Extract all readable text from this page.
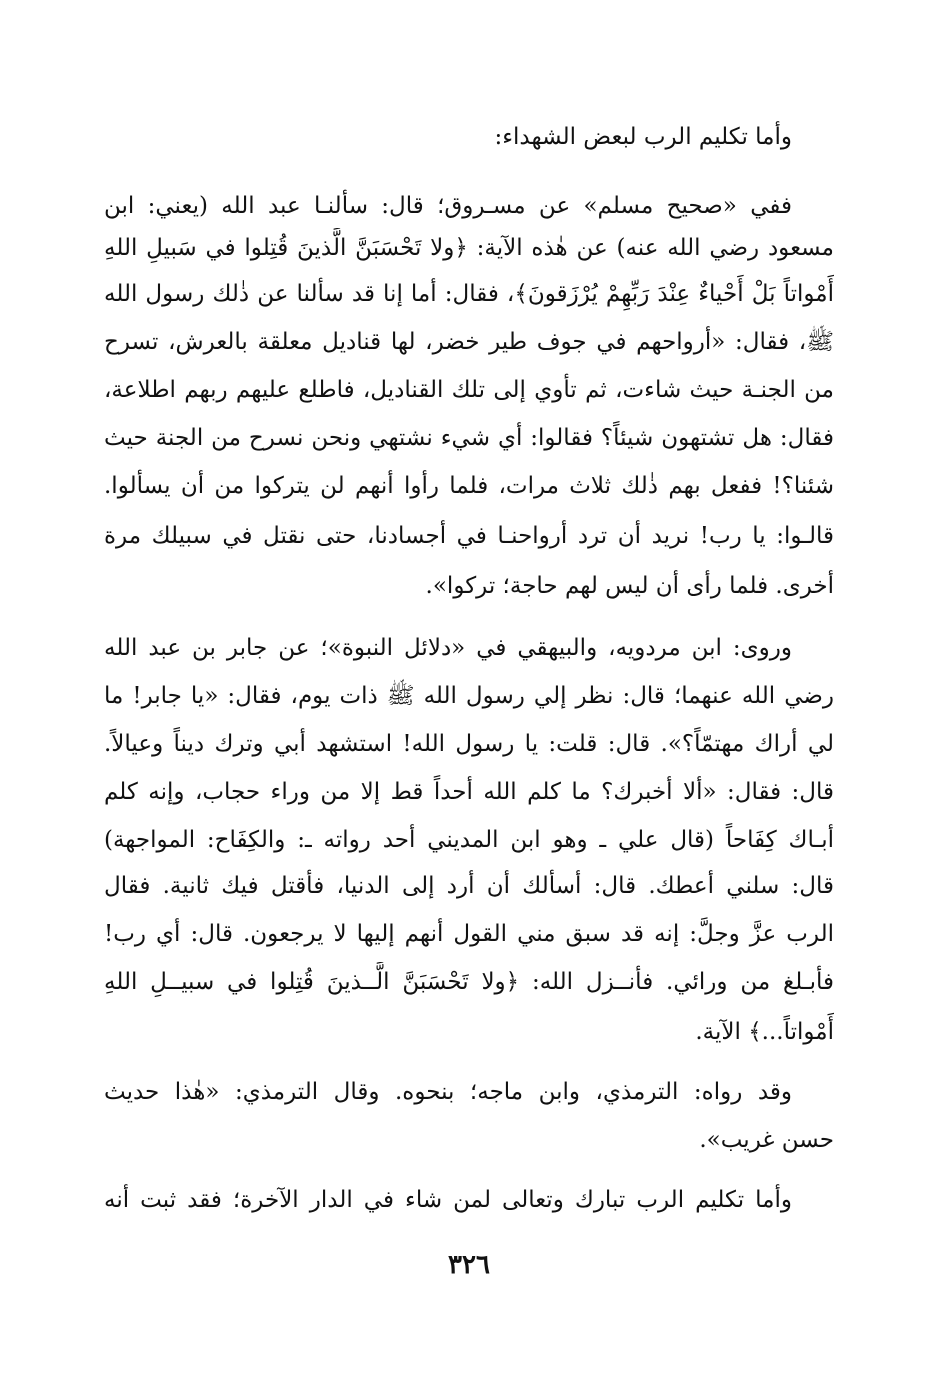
وأما تكليم الرب لبعض الشهداء:
ففي «صحيح مسلم» عن مسـروق؛ قال: سألنـا عبد الله (يعني: ابن
مسعود رضي الله عنه) عن هٰذه الآية: ﴿ولا تَحْسَبَنَّ الَّذينَ قُتِلوا في سَبيلِ اللهِ
أَمْواتاً بَلْ أَحْياءٌ عِنْدَ رَبِّهِمْ يُرْزَقونَ﴾، فقال: أما إنا قد سألنا عن ذٰلك رسول الله
ﷺ، فقال: «أرواحهم في جوف طير خضر، لها قناديل معلقة بالعرش، تسرح
من الجنـة حيث شاءت، ثم تأوي إلى تلك القناديل، فاطلع عليهم ربهم اطلاعة،
فقال: هل تشتهون شيئاً؟ فقالوا: أي شيء نشتهي ونحن نسرح من الجنة حيث
شئنا؟! ففعل بهم ذٰلك ثلاث مرات، فلما رأوا أنهم لن يتركوا من أن يسألوا.
قالـوا: يا رب! نريد أن ترد أرواحنـا في أجسادنا، حتى نقتل في سبيلك مرة
أخرى. فلما رأى أن ليس لهم حاجة؛ تركوا».
وروى: ابن مردويه، والبيهقي في «دلائل النبوة»؛ عن جابر بن عبد الله
رضي الله عنهما؛ قال: نظر إلي رسول الله ﷺ ذات يوم، فقال: «يا جابر! ما
لي أراك مهتمّاً؟». قال: قلت: يا رسول الله! استشهد أبي وترك ديناً وعيالاً.
قال: فقال: «ألا أخبرك؟ ما كلم الله أحداً قط إلا من وراء حجاب، وإنه كلم
أبـاك كِفَاحاً (قال علي ـ وهو ابن المديني أحد رواته ـ: والكِفَاح: المواجهة)
قال: سلني أعطك. قال: أسألك أن أرد إلى الدنيا، فأقتل فيك ثانية. فقال
الرب عزَّ وجلَّ: إنه قد سبق مني القول أنهم إليها لا يرجعون. قال: أي رب!
فأبـلغ من ورائي. فأنــزل الله: ﴿ولا تَحْسَبَنَّ الَّــذينَ قُتِلوا في سبيــلِ اللهِ
أَمْواتاً...﴾ الآية.
وقد رواه: الترمذي، وابن ماجه؛ بنحوه. وقال الترمذي: «هٰذا حديث
حسن غريب».
وأما تكليم الرب تبارك وتعالى لمن شاء في الدار الآخرة؛ فقد ثبت أنه
٣٢٦
